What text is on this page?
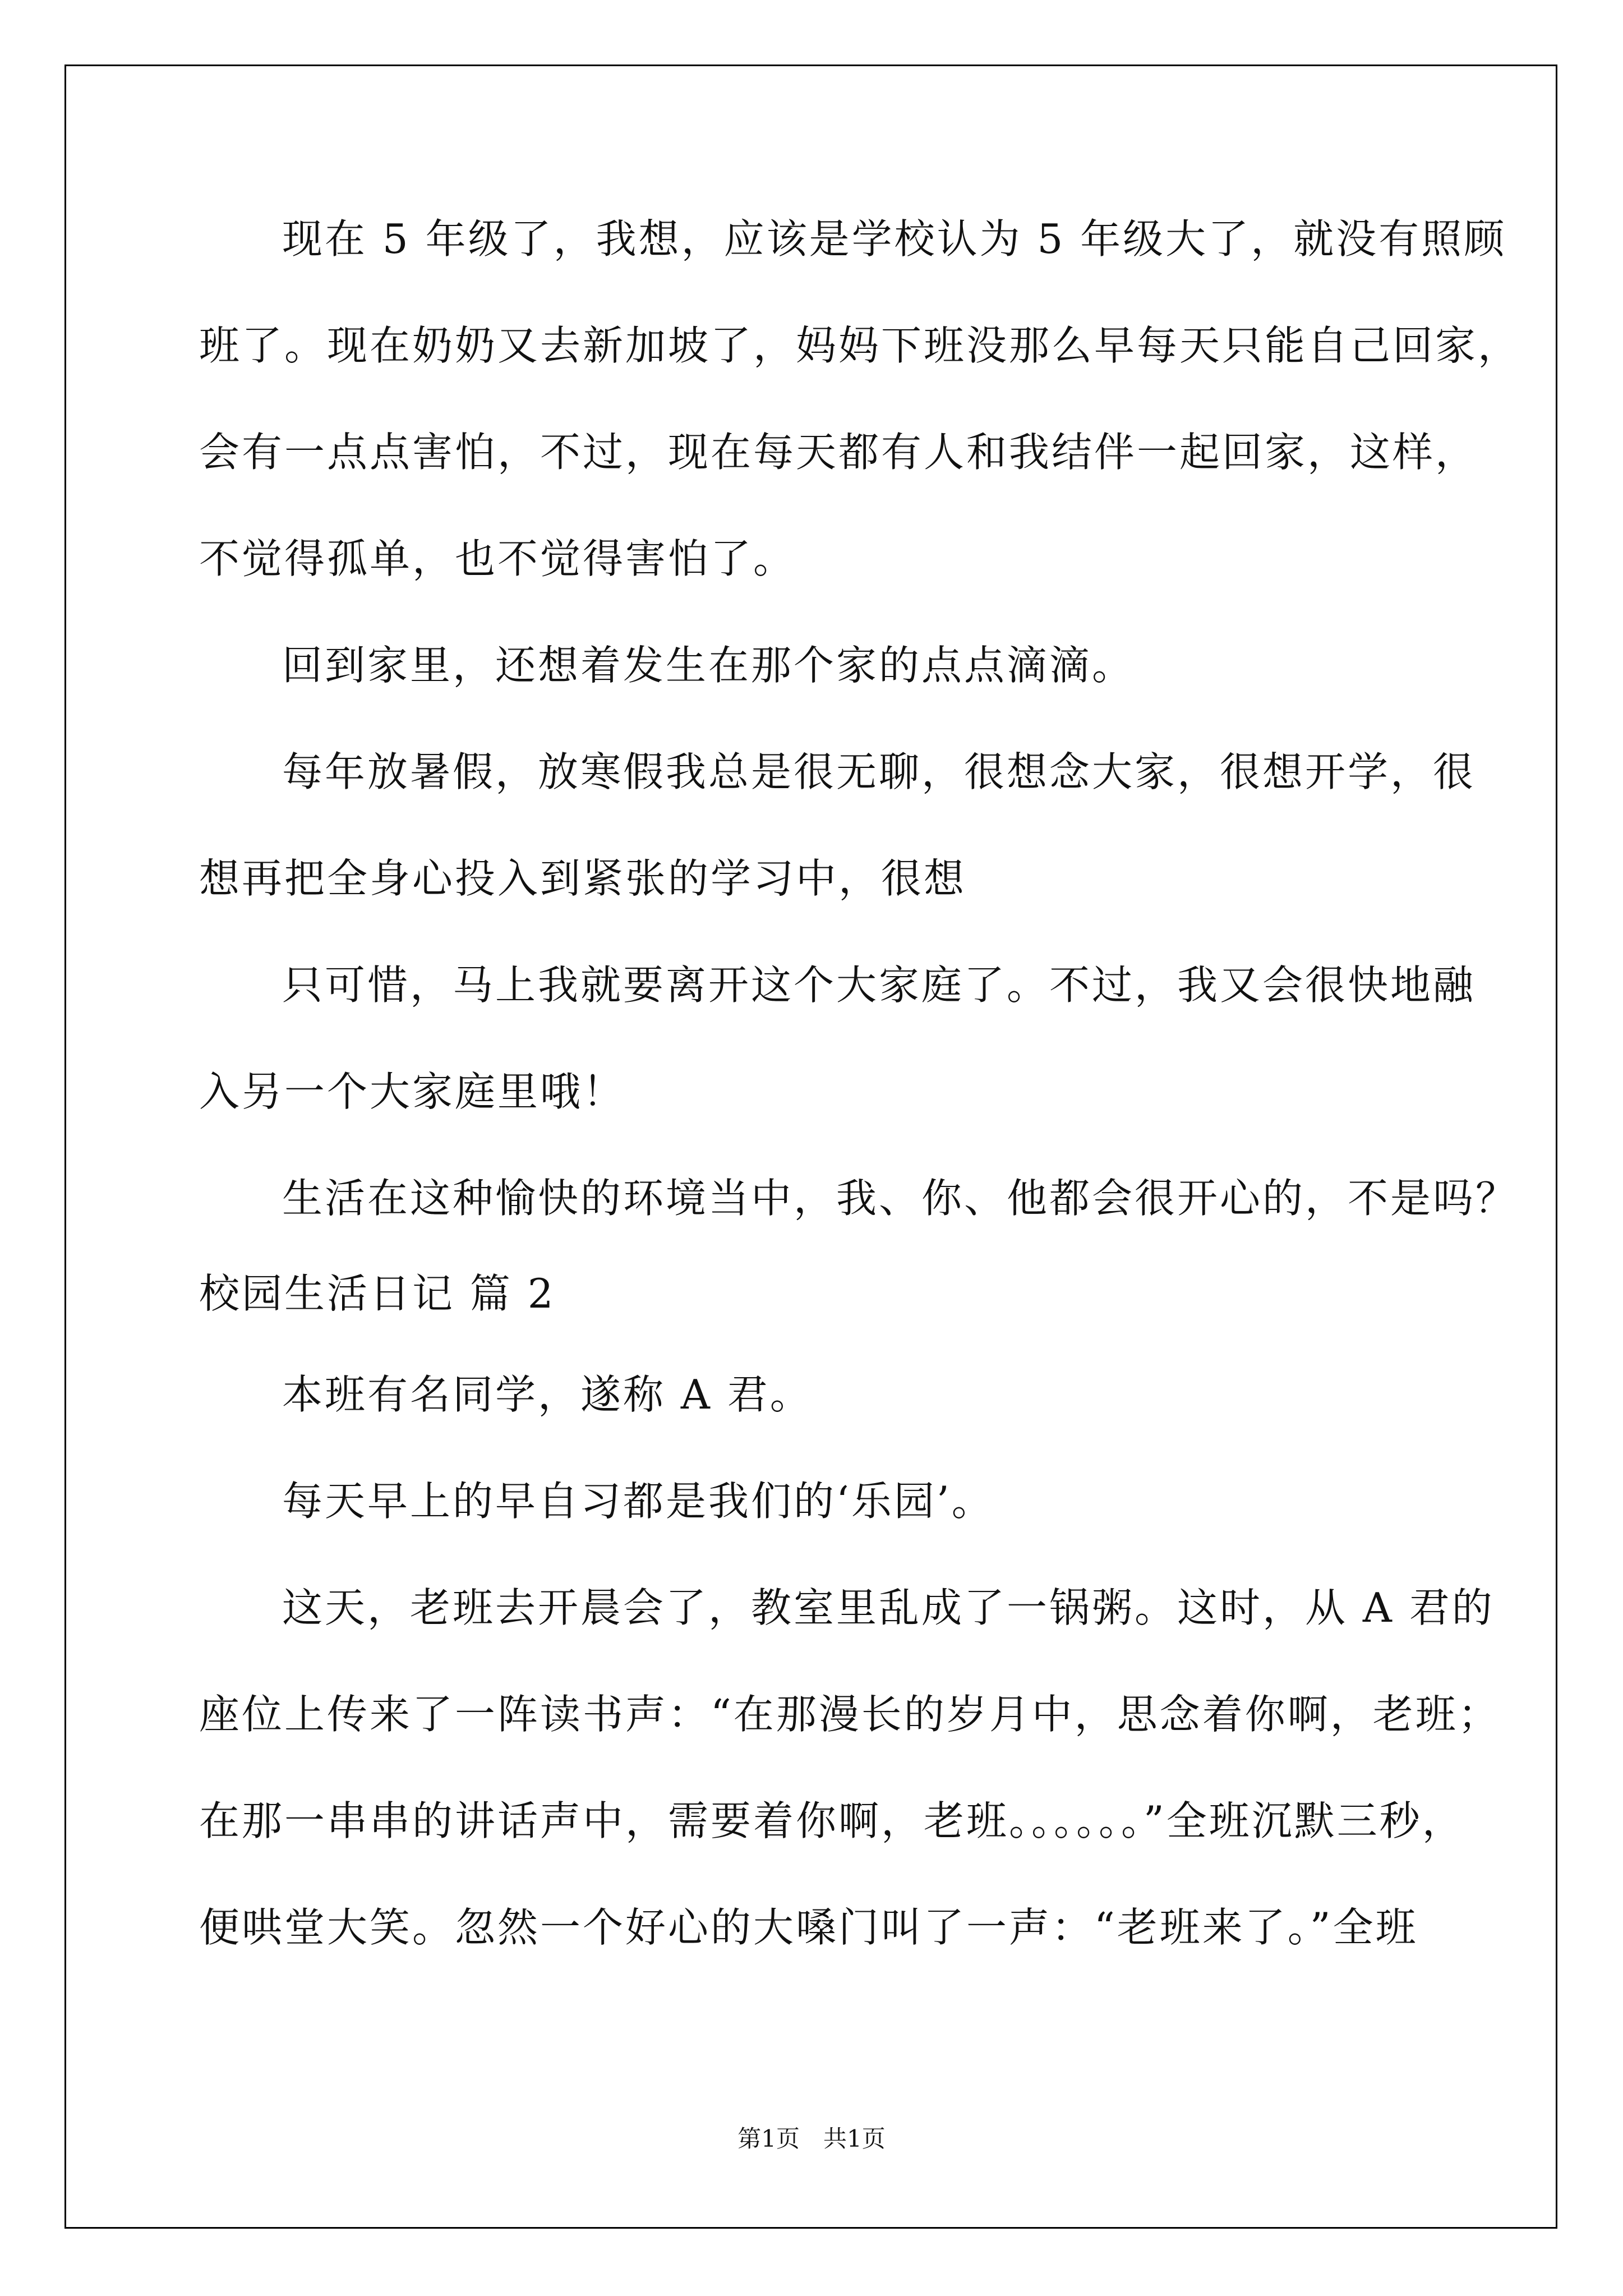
现在 5 年级了，我想，应该是学校认为 5 年级大了，就没有照顾
班了。现在奶奶又去新加坡了，妈妈下班没那么早每天只能自己回家，
会有一点点害怕，不过，现在每天都有人和我结伴一起回家，这样，
不觉得孤单，也不觉得害怕了。
回到家里，还想着发生在那个家的点点滴滴。
每年放暑假，放寒假我总是很无聊，很想念大家，很想开学，很
想再把全身心投入到紧张的学习中，很想
只可惜，马上我就要离开这个大家庭了。不过，我又会很快地融
入另一个大家庭里哦！
生活在这种愉快的环境当中，我、你、他都会很开心的，不是吗？
校园生活日记 篇 2
本班有名同学，遂称 A 君。
每天早上的早自习都是我们的‘乐园’。
这天，老班去开晨会了，教室里乱成了一锅粥。这时，从 A 君的
座位上传来了一阵读书声：“在那漫长的岁月中，思念着你啊，老班；
在那一串串的讲话声中，需要着你啊，老班。。。。。。”全班沉默三秒，
便哄堂大笑。忽然一个好心的大嗓门叫了一声：“老班来了。”全班
第1页　共1页
